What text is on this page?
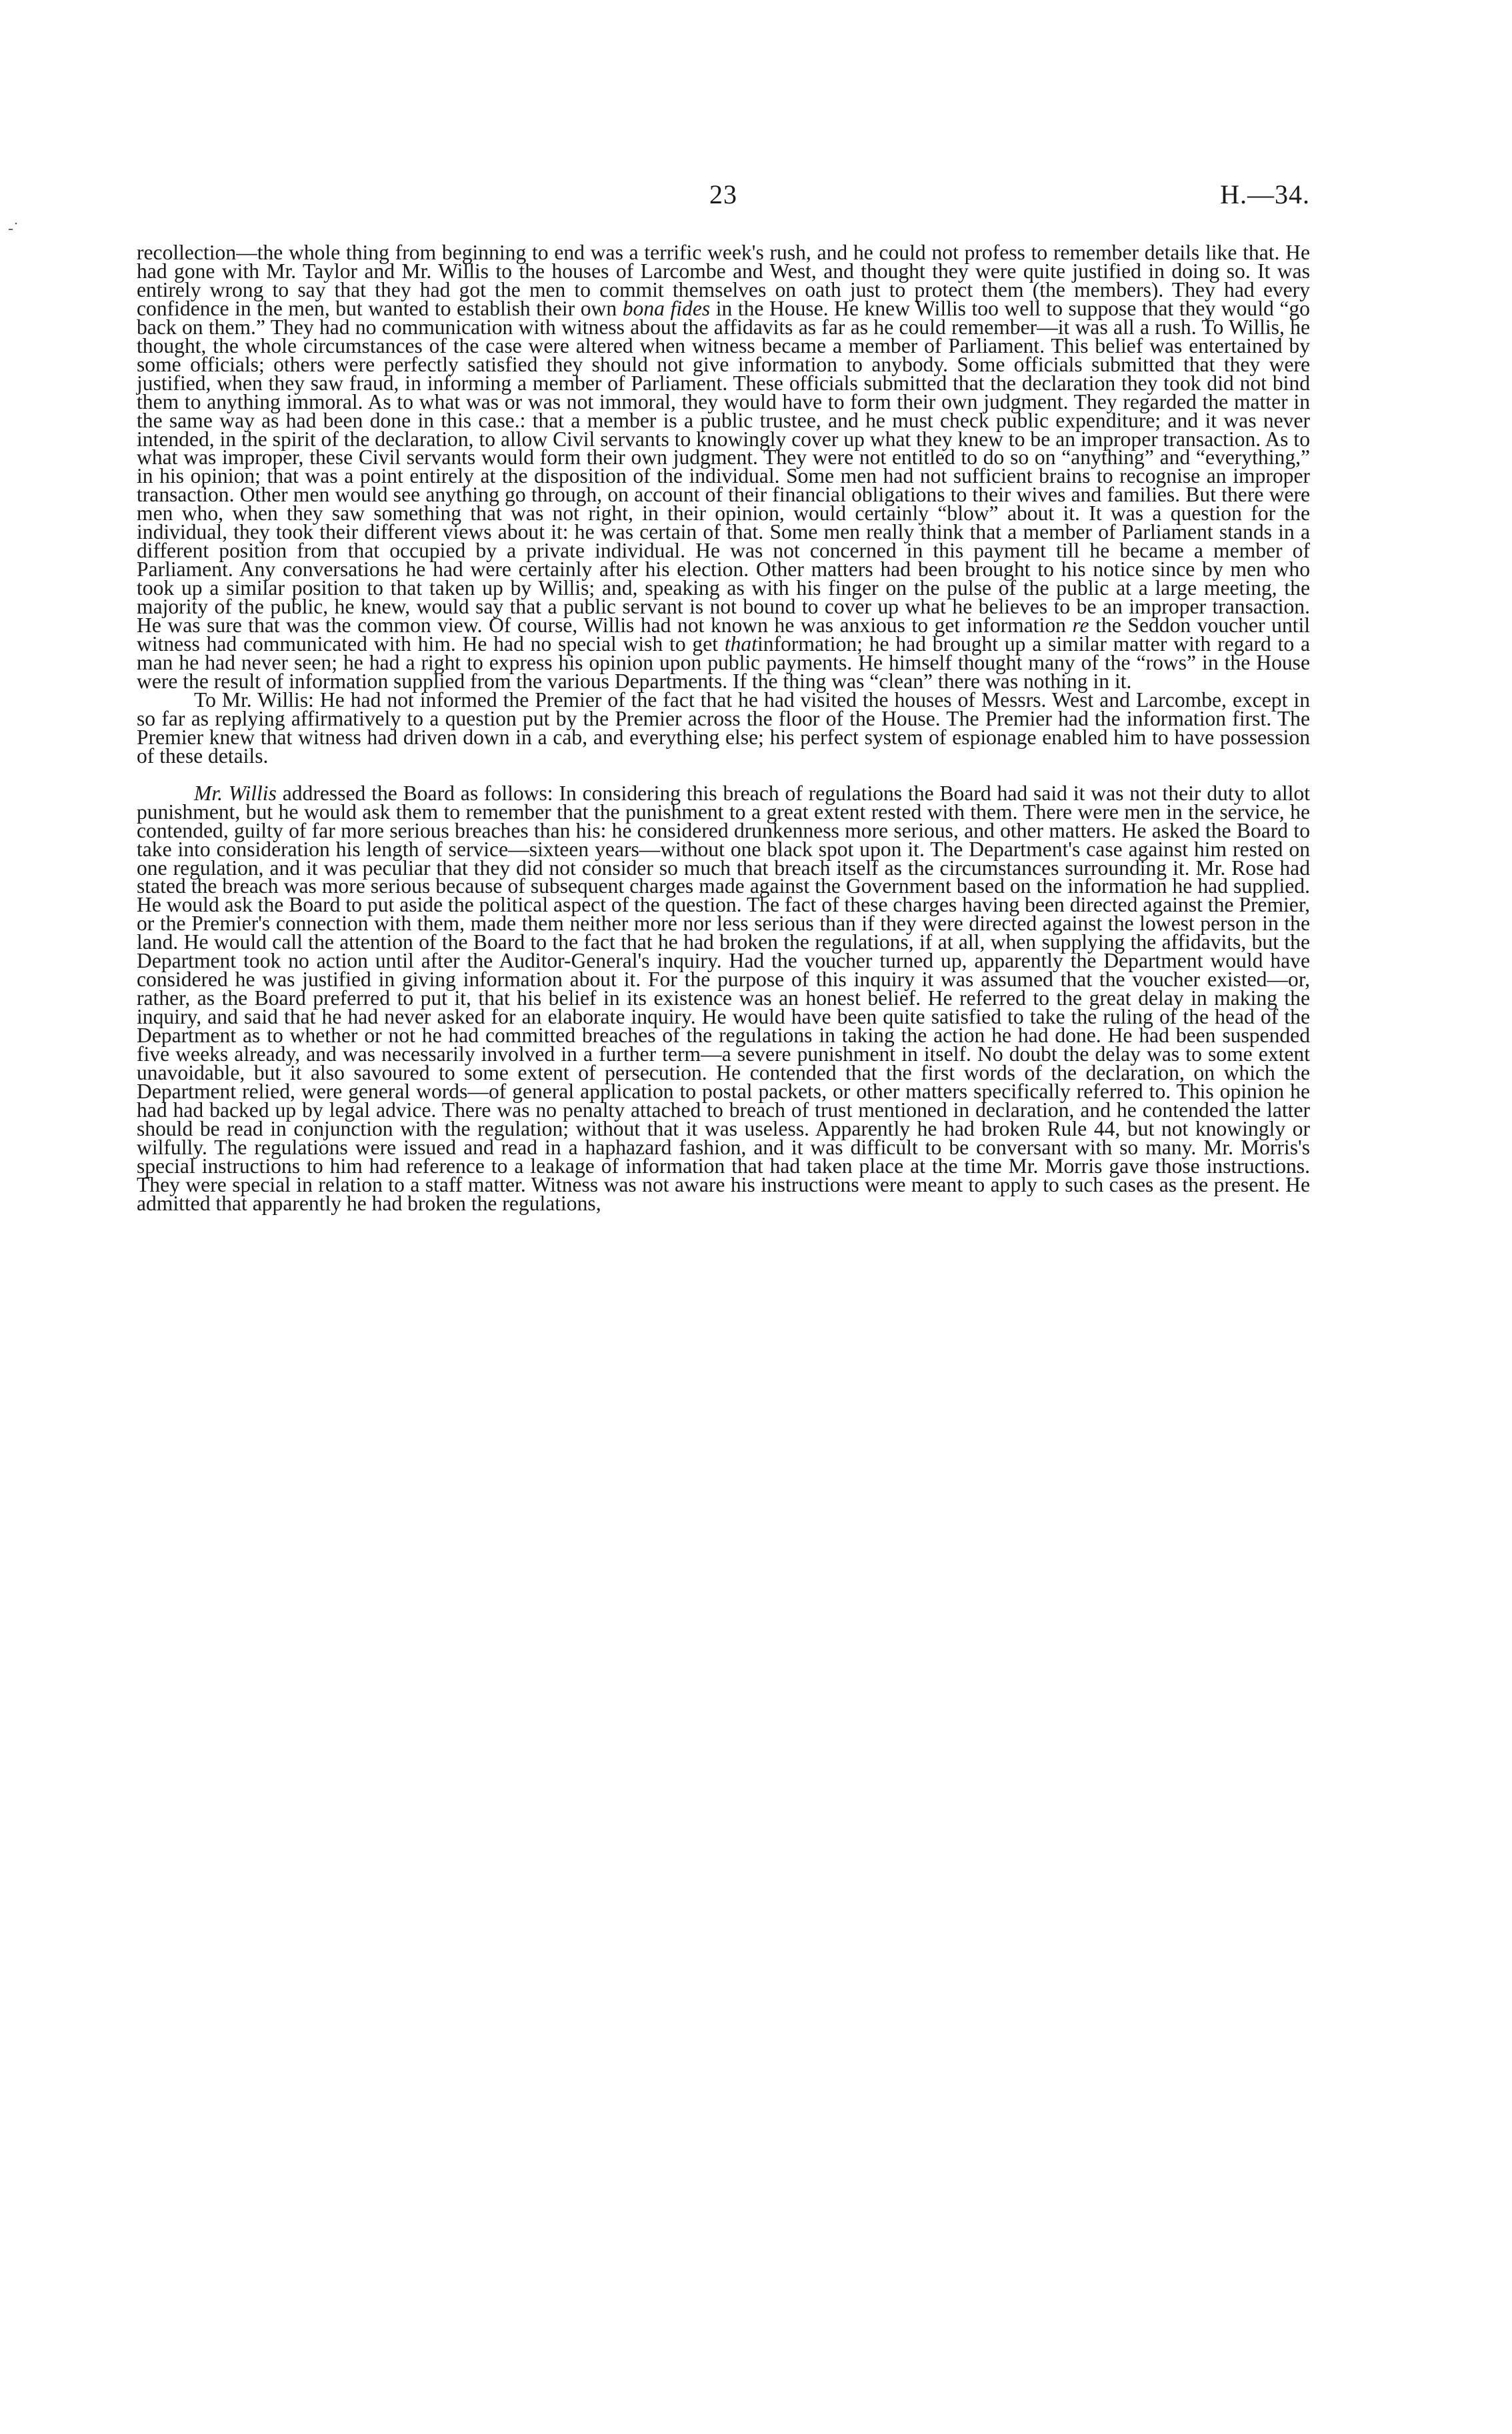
23	H.—34.
‐˙

recollection—the whole thing from beginning to end was a terrific week's rush, and he could not profess to remember details like that. He had gone with Mr. Taylor and Mr. Willis to the houses of Larcombe and West, and thought they were quite justified in doing so. It was entirely wrong to say that they had got the men to commit themselves on oath just to protect them (the members). They had every confidence in the men, but wanted to establish their own bona fides in the House. He knew Willis too well to suppose that they would “go back on them.” They had no communication with witness about the affidavits as far as he could remember—it was all a rush. To Willis, he thought, the whole circumstances of the case were altered when witness became a member of Parliament. This belief was entertained by some officials; others were perfectly satisfied they should not give information to anybody. Some officials submitted that they were justified, when they saw fraud, in informing a member of Parliament. These officials submitted that the declaration they took did not bind them to anything immoral. As to what was or was not immoral, they would have to form their own judgment. They regarded the matter in the same way as had been done in this case.: that a member is a public trustee, and he must check public expenditure; and it was never intended, in the spirit of the declaration, to allow Civil servants to knowingly cover up what they knew to be an improper transaction. As to what was improper, these Civil servants would form their own judgment. They were not entitled to do so on “anything” and “everything,” in his opinion; that was a point entirely at the disposition of the individual. Some men had not sufficient brains to recognise an improper transaction. Other men would see anything go through, on account of their financial obligations to their wives and families. But there were men who, when they saw something that was not right, in their opinion, would certainly “blow” about it. It was a question for the individual, they took their different views about it: he was certain of that. Some men really think that a member of Parliament stands in a different position from that occupied by a private individual. He was not concerned in this payment till he became a member of Parliament. Any conversations he had were certainly after his election. Other matters had been brought to his notice since by men who took up a similar position to that taken up by Willis; and, speaking as with his finger on the pulse of the public at a large meeting, the majority of the public, he knew, would say that a public servant is not bound to cover up what he believes to be an improper transaction. He was sure that was the common view. Of course, Willis had not known he was anxious to get information re the Seddon voucher until witness had communicated with him. He had no special wish to get thatinformation; he had brought up a similar matter with regard to a man he had never seen; he had a right to express his opinion upon public payments. He himself thought many of the “rows” in the House were the result of information supplied from the various Departments. If the thing was “clean” there was nothing in it.

To Mr. Willis: He had not informed the Premier of the fact that he had visited the houses of Messrs. West and Larcombe, except in so far as replying affirmatively to a question put by the Premier across the floor of the House. The Premier had the information first. The Premier knew that witness had driven down in a cab, and everything else; his perfect system of espionage enabled him to have possession of these details.

Mr. Willis addressed the Board as follows: In considering this breach of regulations the Board had said it was not their duty to allot punishment, but he would ask them to remember that the punishment to a great extent rested with them. There were men in the service, he contended, guilty of far more serious breaches than his: he considered drunkenness more serious, and other matters. He asked the Board to take into consideration his length of service—sixteen years—without one black spot upon it. The Department's case against him rested on one regulation, and it was peculiar that they did not consider so much that breach itself as the circumstances surrounding it. Mr. Rose had stated the breach was more serious because of subsequent charges made against the Government based on the information he had supplied. He would ask the Board to put aside the political aspect of the question. The fact of these charges having been directed against the Premier, or the Premier's connection with them, made them neither more nor less serious than if they were directed against the lowest person in the land. He would call the attention of the Board to the fact that he had broken the regulations, if at all, when supplying the affidavits, but the Department took no action until after the Auditor-General's inquiry. Had the voucher turned up, apparently the Department would have considered he was justified in giving information about it. For the purpose of this inquiry it was assumed that the voucher existed—or, rather, as the Board preferred to put it, that his belief in its existence was an honest belief. He referred to the great delay in making the inquiry, and said that he had never asked for an elaborate inquiry. He would have been quite satisfied to take the ruling of the head of the Department as to whether or not he had committed breaches of the regulations in taking the action he had done. He had been suspended five weeks already, and was necessarily involved in a further term—a severe punishment in itself. No doubt the delay was to some extent unavoidable, but it also savoured to some extent of persecution. He contended that the first words of the declaration, on which the Department relied, were general words—of general application to postal packets, or other matters specifically referred to. This opinion he had had backed up by legal advice. There was no penalty attached to breach of trust mentioned in declaration, and he contended the latter should be read in conjunction with the regulation; without that it was useless. Apparently he had broken Rule 44, but not knowingly or wilfully. The regulations were issued and read in a haphazard fashion, and it was difficult to be conversant with so many. Mr. Morris's special instructions to him had reference to a leakage of information that had taken place at the time Mr. Morris gave those instructions. They were special in relation to a staff matter. Witness was not aware his instructions were meant to apply to such cases as the present. He admitted that apparently he had broken the regulations,
